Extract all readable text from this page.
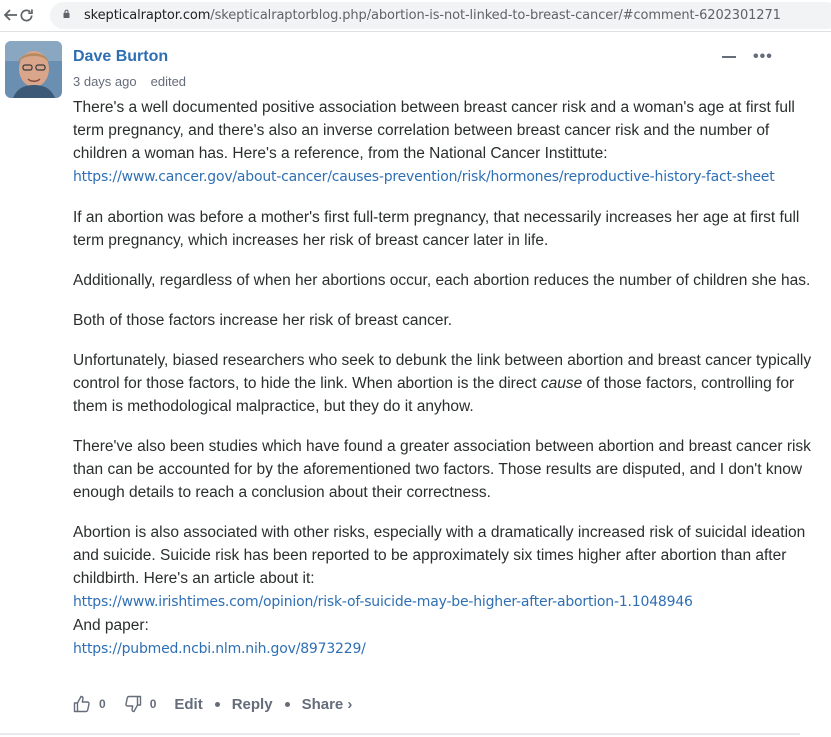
skepticalraptor.com/skepticalraptorblog.php/abortion-is-not-linked-to-breast-cancer/#comment-6202301271
Dave Burton
3 days ago edited
•••

There's a well documented positive association between breast cancer risk and a woman's age at first full term pregnancy, and there's also an inverse correlation between breast cancer risk and the number of children a woman has. Here's a reference, from the National Cancer Instittute:
https://www.cancer.gov/about-cancer/causes-prevention/risk/hormones/reproductive-history-fact-sheet

If an abortion was before a mother's first full-term pregnancy, that necessarily increases her age at first full term pregnancy, which increases her risk of breast cancer later in life.

Additionally, regardless of when her abortions occur, each abortion reduces the number of children she has.

Both of those factors increase her risk of breast cancer.

Unfortunately, biased researchers who seek to debunk the link between abortion and breast cancer typically control for those factors, to hide the link. When abortion is the direct cause of those factors, controlling for them is methodological malpractice, but they do it anyhow.

There've also been studies which have found a greater association between abortion and breast cancer risk than can be accounted for by the aforementioned two factors. Those results are disputed, and I don't know enough details to reach a conclusion about their correctness.

Abortion is also associated with other risks, especially with a dramatically increased risk of suicidal ideation and suicide. Suicide risk has been reported to be approximately six times higher after abortion than after childbirth. Here's an article about it:
https://www.irishtimes.com/opinion/risk-of-suicide-may-be-higher-after-abortion-1.1048946
And paper:
https://pubmed.ncbi.nlm.nih.gov/8973229/

0	0 Edit Reply Share ›
